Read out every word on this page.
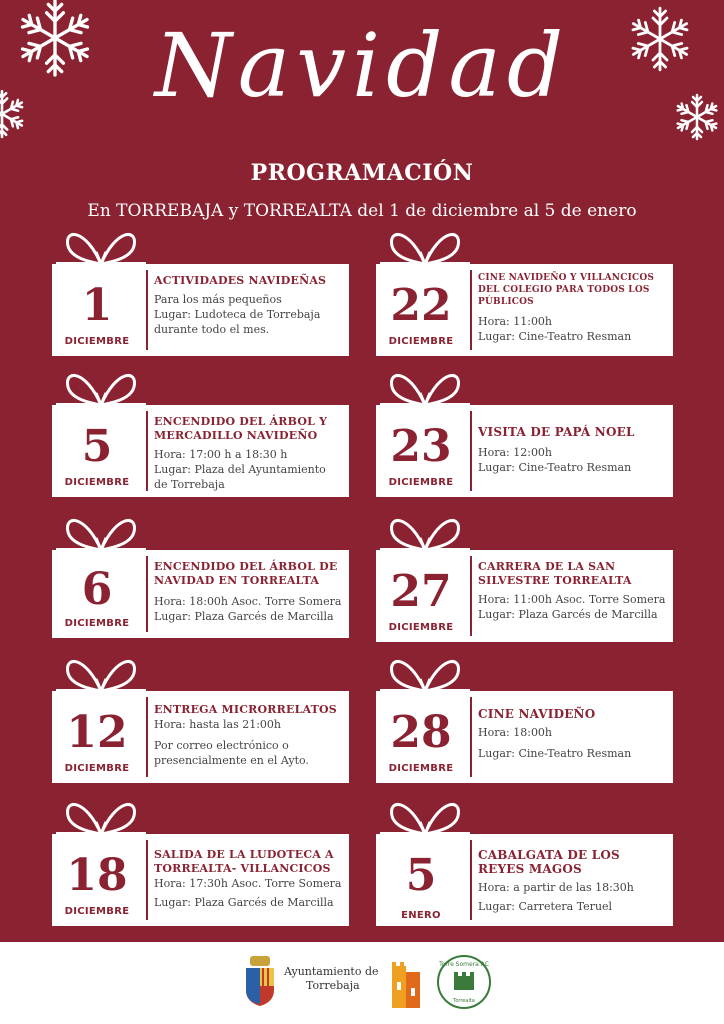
Navidad
PROGRAMACIÓN
En TORREBAJA y TORREALTA del 1 de diciembre al 5 de enero
1
DICIEMBRE
ACTIVIDADES NAVIDEÑAS
Para los más pequeños
Lugar: Ludoteca de Torrebaja
durante todo el mes.
5
DICIEMBRE
ENCENDIDO DEL ÁRBOL Y MERCADILLO NAVIDEÑO
Hora: 17:00 h a 18:30 h
Lugar: Plaza del Ayuntamiento
de Torrebaja
6
DICIEMBRE
ENCENDIDO DEL ÁRBOL DE NAVIDAD EN TORREALTA
Hora: 18:00h Asoc. Torre Somera
Lugar: Plaza Garcés de Marcilla
12
DICIEMBRE
ENTREGA MICRORRELATOS
Hora: hasta las 21:00h
Por correo electrónico o
presencialmente en el Ayto.
18
DICIEMBRE
SALIDA DE LA LUDOTECA A TORREALTA- VILLANCICOS
Hora: 17:30h Asoc. Torre Somera
Lugar: Plaza Garcés de Marcilla
22
DICIEMBRE
CINE NAVIDEÑO Y VILLANCICOS DEL COLEGIO PARA TODOS LOS PÚBLICOS
Hora: 11:00h
Lugar: Cine-Teatro Resman
23
DICIEMBRE
VISITA DE PAPÁ NOEL
Hora: 12:00h
Lugar: Cine-Teatro Resman
27
DICIEMBRE
CARRERA DE LA SAN SILVESTRE TORREALTA
Hora: 11:00h Asoc. Torre Somera
Lugar: Plaza Garcés de Marcilla
28
DICIEMBRE
CINE NAVIDEÑO
Hora: 18:00h
Lugar: Cine-Teatro Resman
5
ENERO
CABALGATA DE LOS REYES MAGOS
Hora: a partir de las 18:30h
Lugar: Carretera Teruel
Ayuntamiento de
Torrebaja
Torre Somera AC
Torrealta
